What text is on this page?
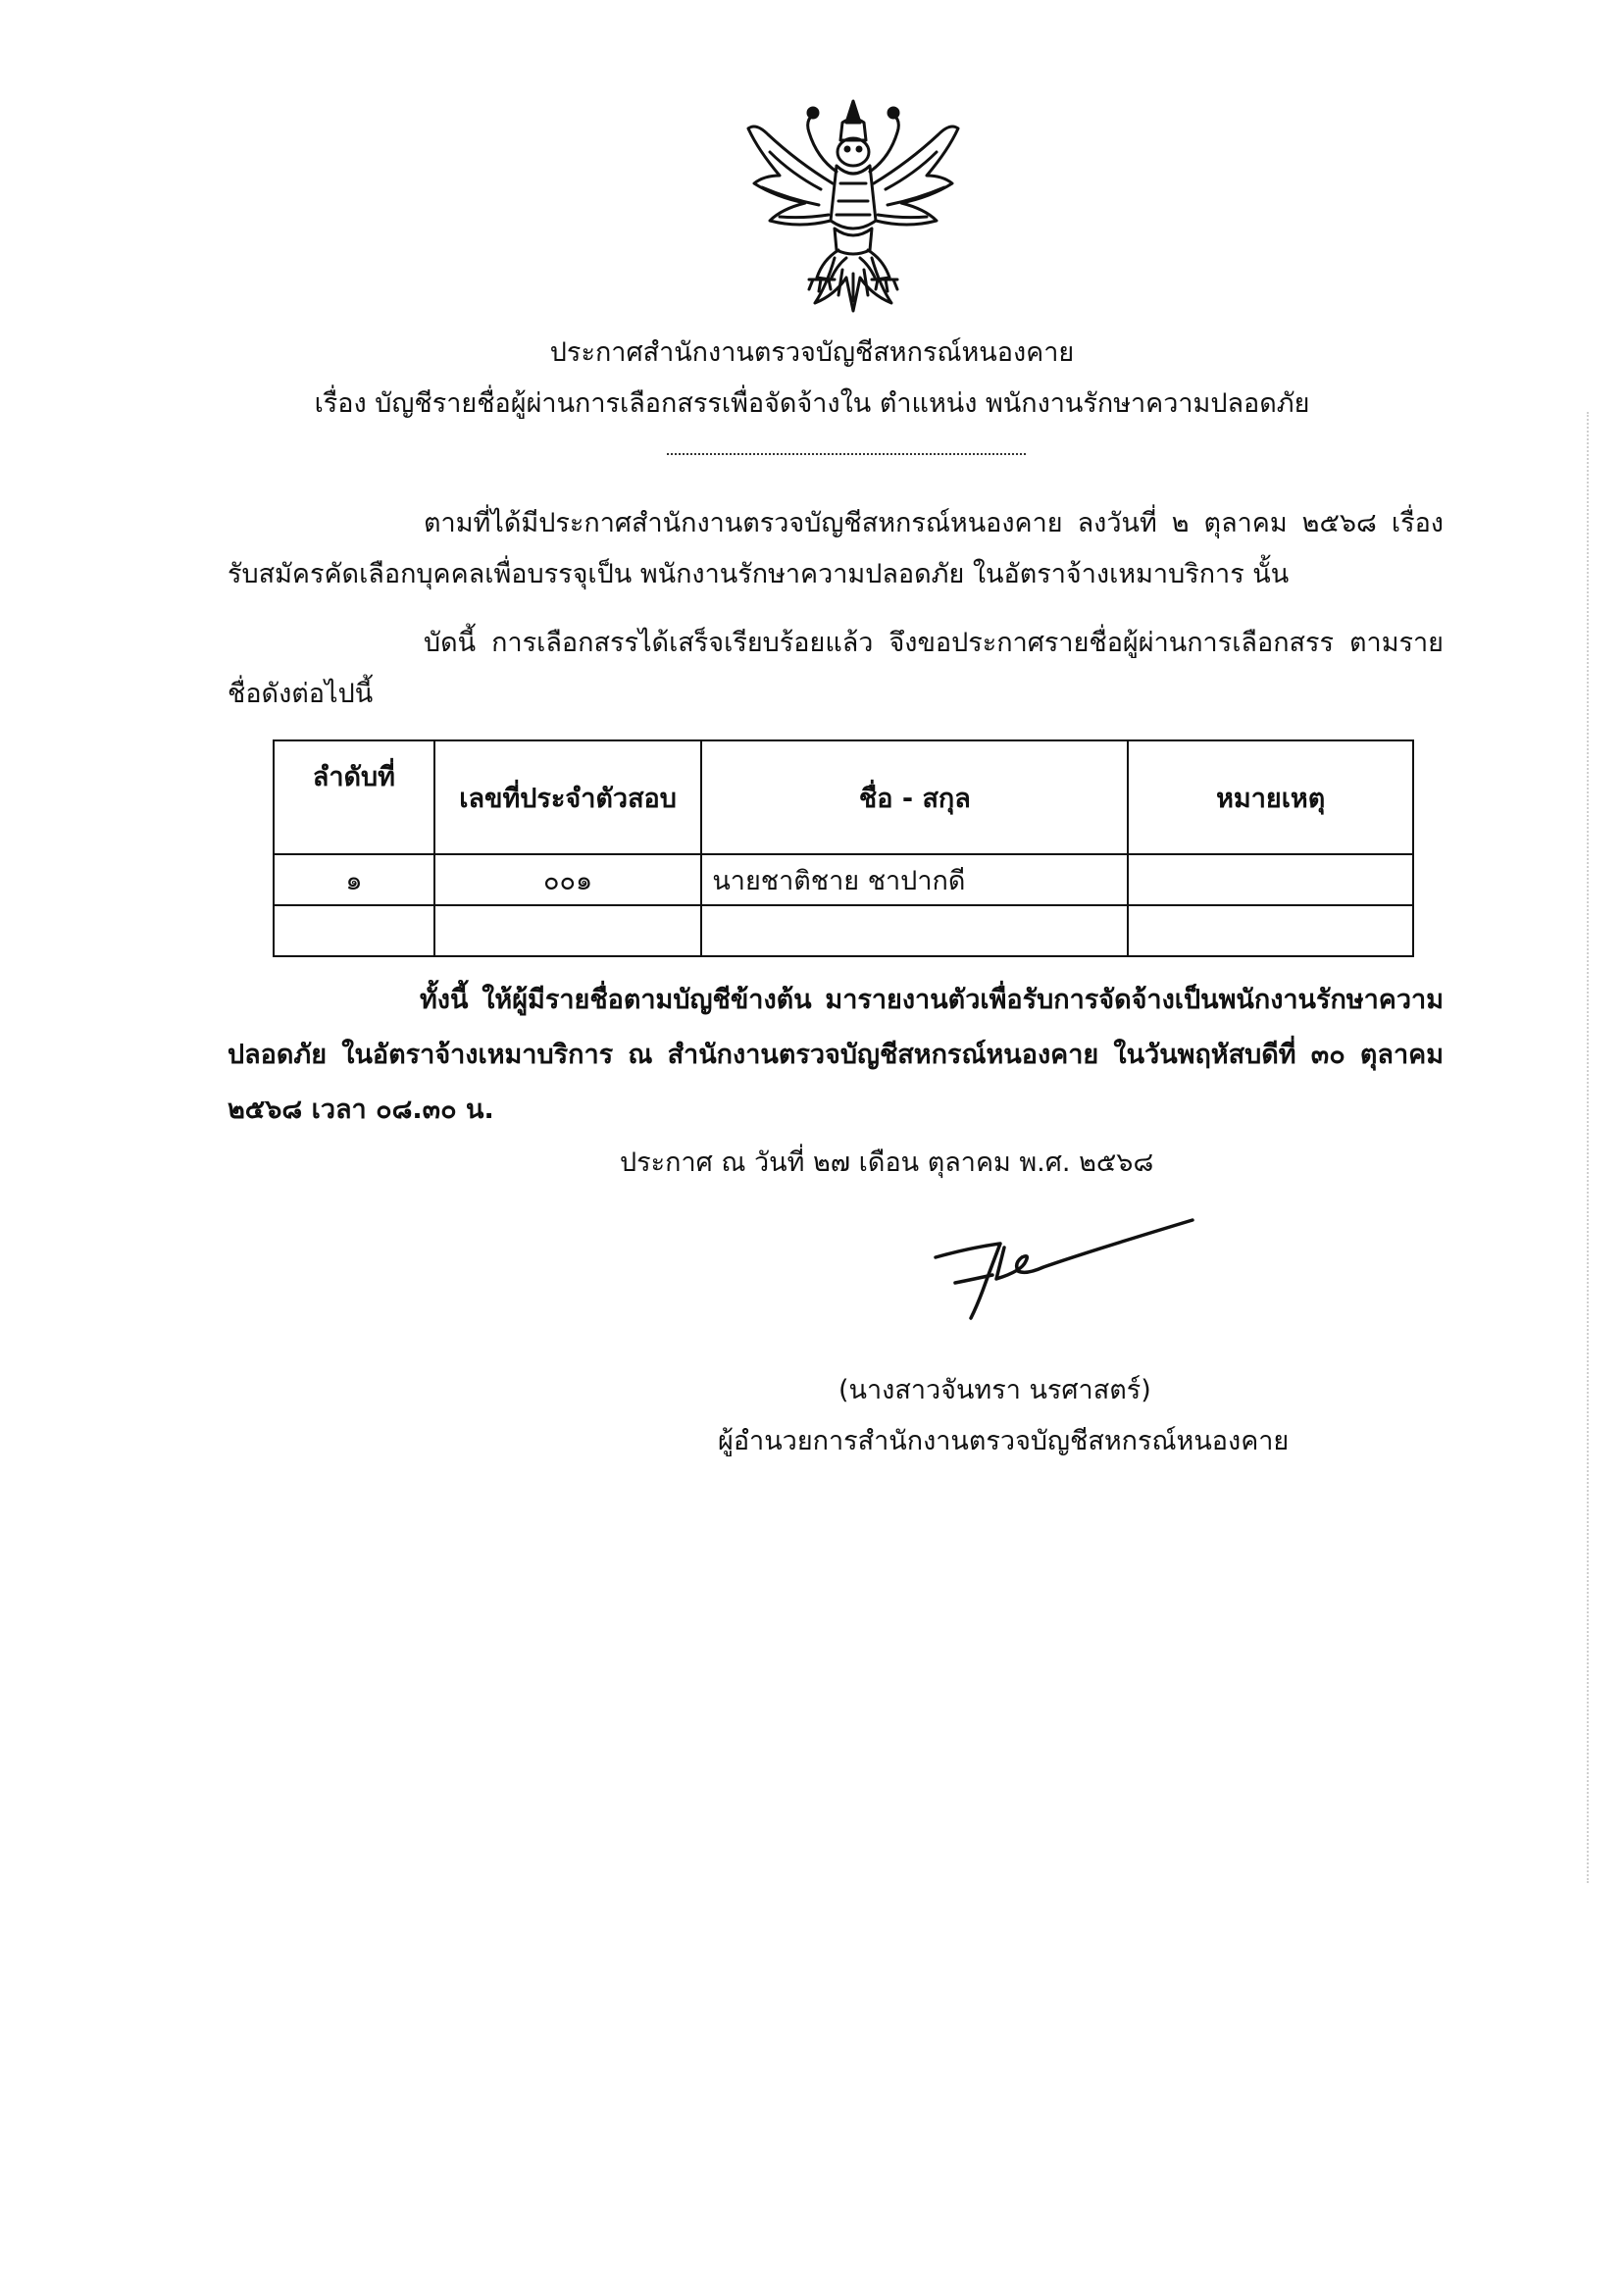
ประกาศสำนักงานตรวจบัญชีสหกรณ์หนองคาย
เรื่อง บัญชีรายชื่อผู้ผ่านการเลือกสรรเพื่อจัดจ้างใน ตำแหน่ง พนักงานรักษาความปลอดภัย
ตามที่ได้มีประกาศสำนักงานตรวจบัญชีสหกรณ์หนองคาย ลงวันที่ ๒ ตุลาคม ๒๕๖๘ เรื่อง รับสมัครคัดเลือกบุคคลเพื่อบรรจุเป็น พนักงานรักษาความปลอดภัย ในอัตราจ้างเหมาบริการ นั้น
บัดนี้ การเลือกสรรได้เสร็จเรียบร้อยแล้ว จึงขอประกาศรายชื่อผู้ผ่านการเลือกสรร ตามรายชื่อดังต่อไปนี้
ลำดับที่	เลขที่ประจำตัวสอบ	ชื่อ - สกุล	หมายเหตุ
๑	๐๐๑	นายชาติชาย ชาปากดี	

ทั้งนี้ ให้ผู้มีรายชื่อตามบัญชีข้างต้น มารายงานตัวเพื่อรับการจัดจ้างเป็นพนักงานรักษาความปลอดภัย ในอัตราจ้างเหมาบริการ ณ สำนักงานตรวจบัญชีสหกรณ์หนองคาย ในวันพฤหัสบดีที่ ๓๐ ตุลาคม ๒๕๖๘ เวลา ๐๘.๓๐ น.
ประกาศ ณ วันที่ ๒๗ เดือน ตุลาคม พ.ศ. ๒๕๖๘
(นางสาวจันทรา นรศาสตร์)
ผู้อำนวยการสำนักงานตรวจบัญชีสหกรณ์หนองคาย
